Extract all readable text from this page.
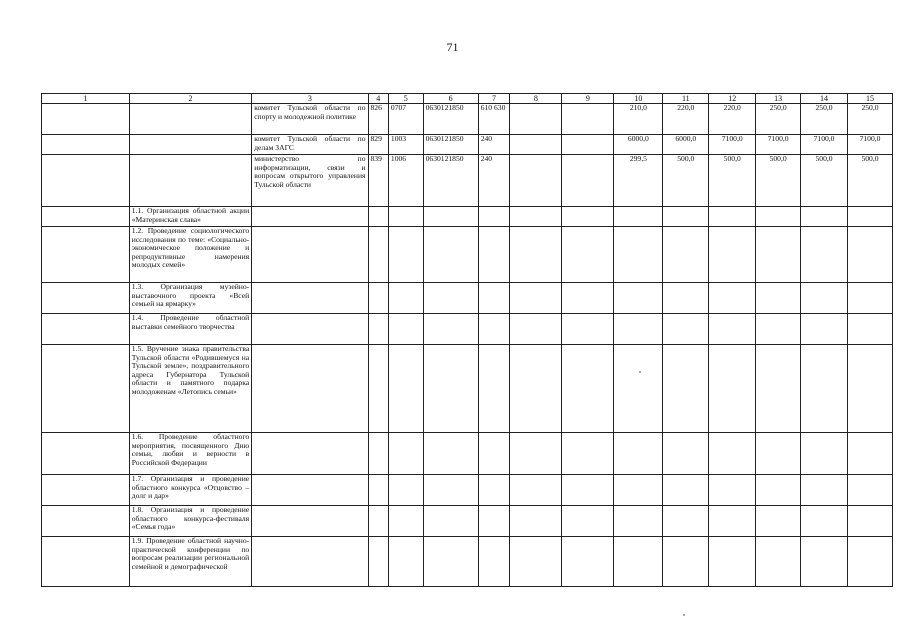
71
1	2	3	4	5	6	7	8	9	10	11	12	13	14	15
		комитет Тульской области по спорту и молодежной политике	826	0707	0630121850	610 630			210,0	220,0	220,0	250,0	250,0	250,0
		комитет Тульской области по делам ЗАГС	829	1003	0630121850	240			6000,0	6000,0	7100,0	7100,0	7100,0	7100,0
		министерство по информатизации, связи и вопросам открытого управления Тульской области	839	1006	0630121850	240			299,5	500,0	500,0	500,0	500,0	500,0
	1.1. Организация областной акции «Материнская слава»													
	1.2. Проведение социологического исследования по теме: «Социально-экономическое положение и репродуктивные намерения молодых семей»													
	1.3. Организация музейно-выставочного проекта «Всей семьей на ярмарку»													
	1.4. Проведение областной выставки семейного творчества													
	1.5. Вручение знака правительства Тульской области «Родившемуся на Тульской земле», поздравительного адреса Губернатора Тульской области и памятного подарка молодоженам «Летопись семьи»													
	1.6. Проведение областного мероприятия, посвященного Дню семьи, любви и верности в Российской Федерации													
	1.7. Организация и проведение областного конкурса «Отцовство – долг и дар»													
	1.8. Организация и проведение областного конкурса-фестиваля «Семья года»													
	1.9. Проведение областной научно-практической конференции по вопросам реализации региональной семейной и демографической													
